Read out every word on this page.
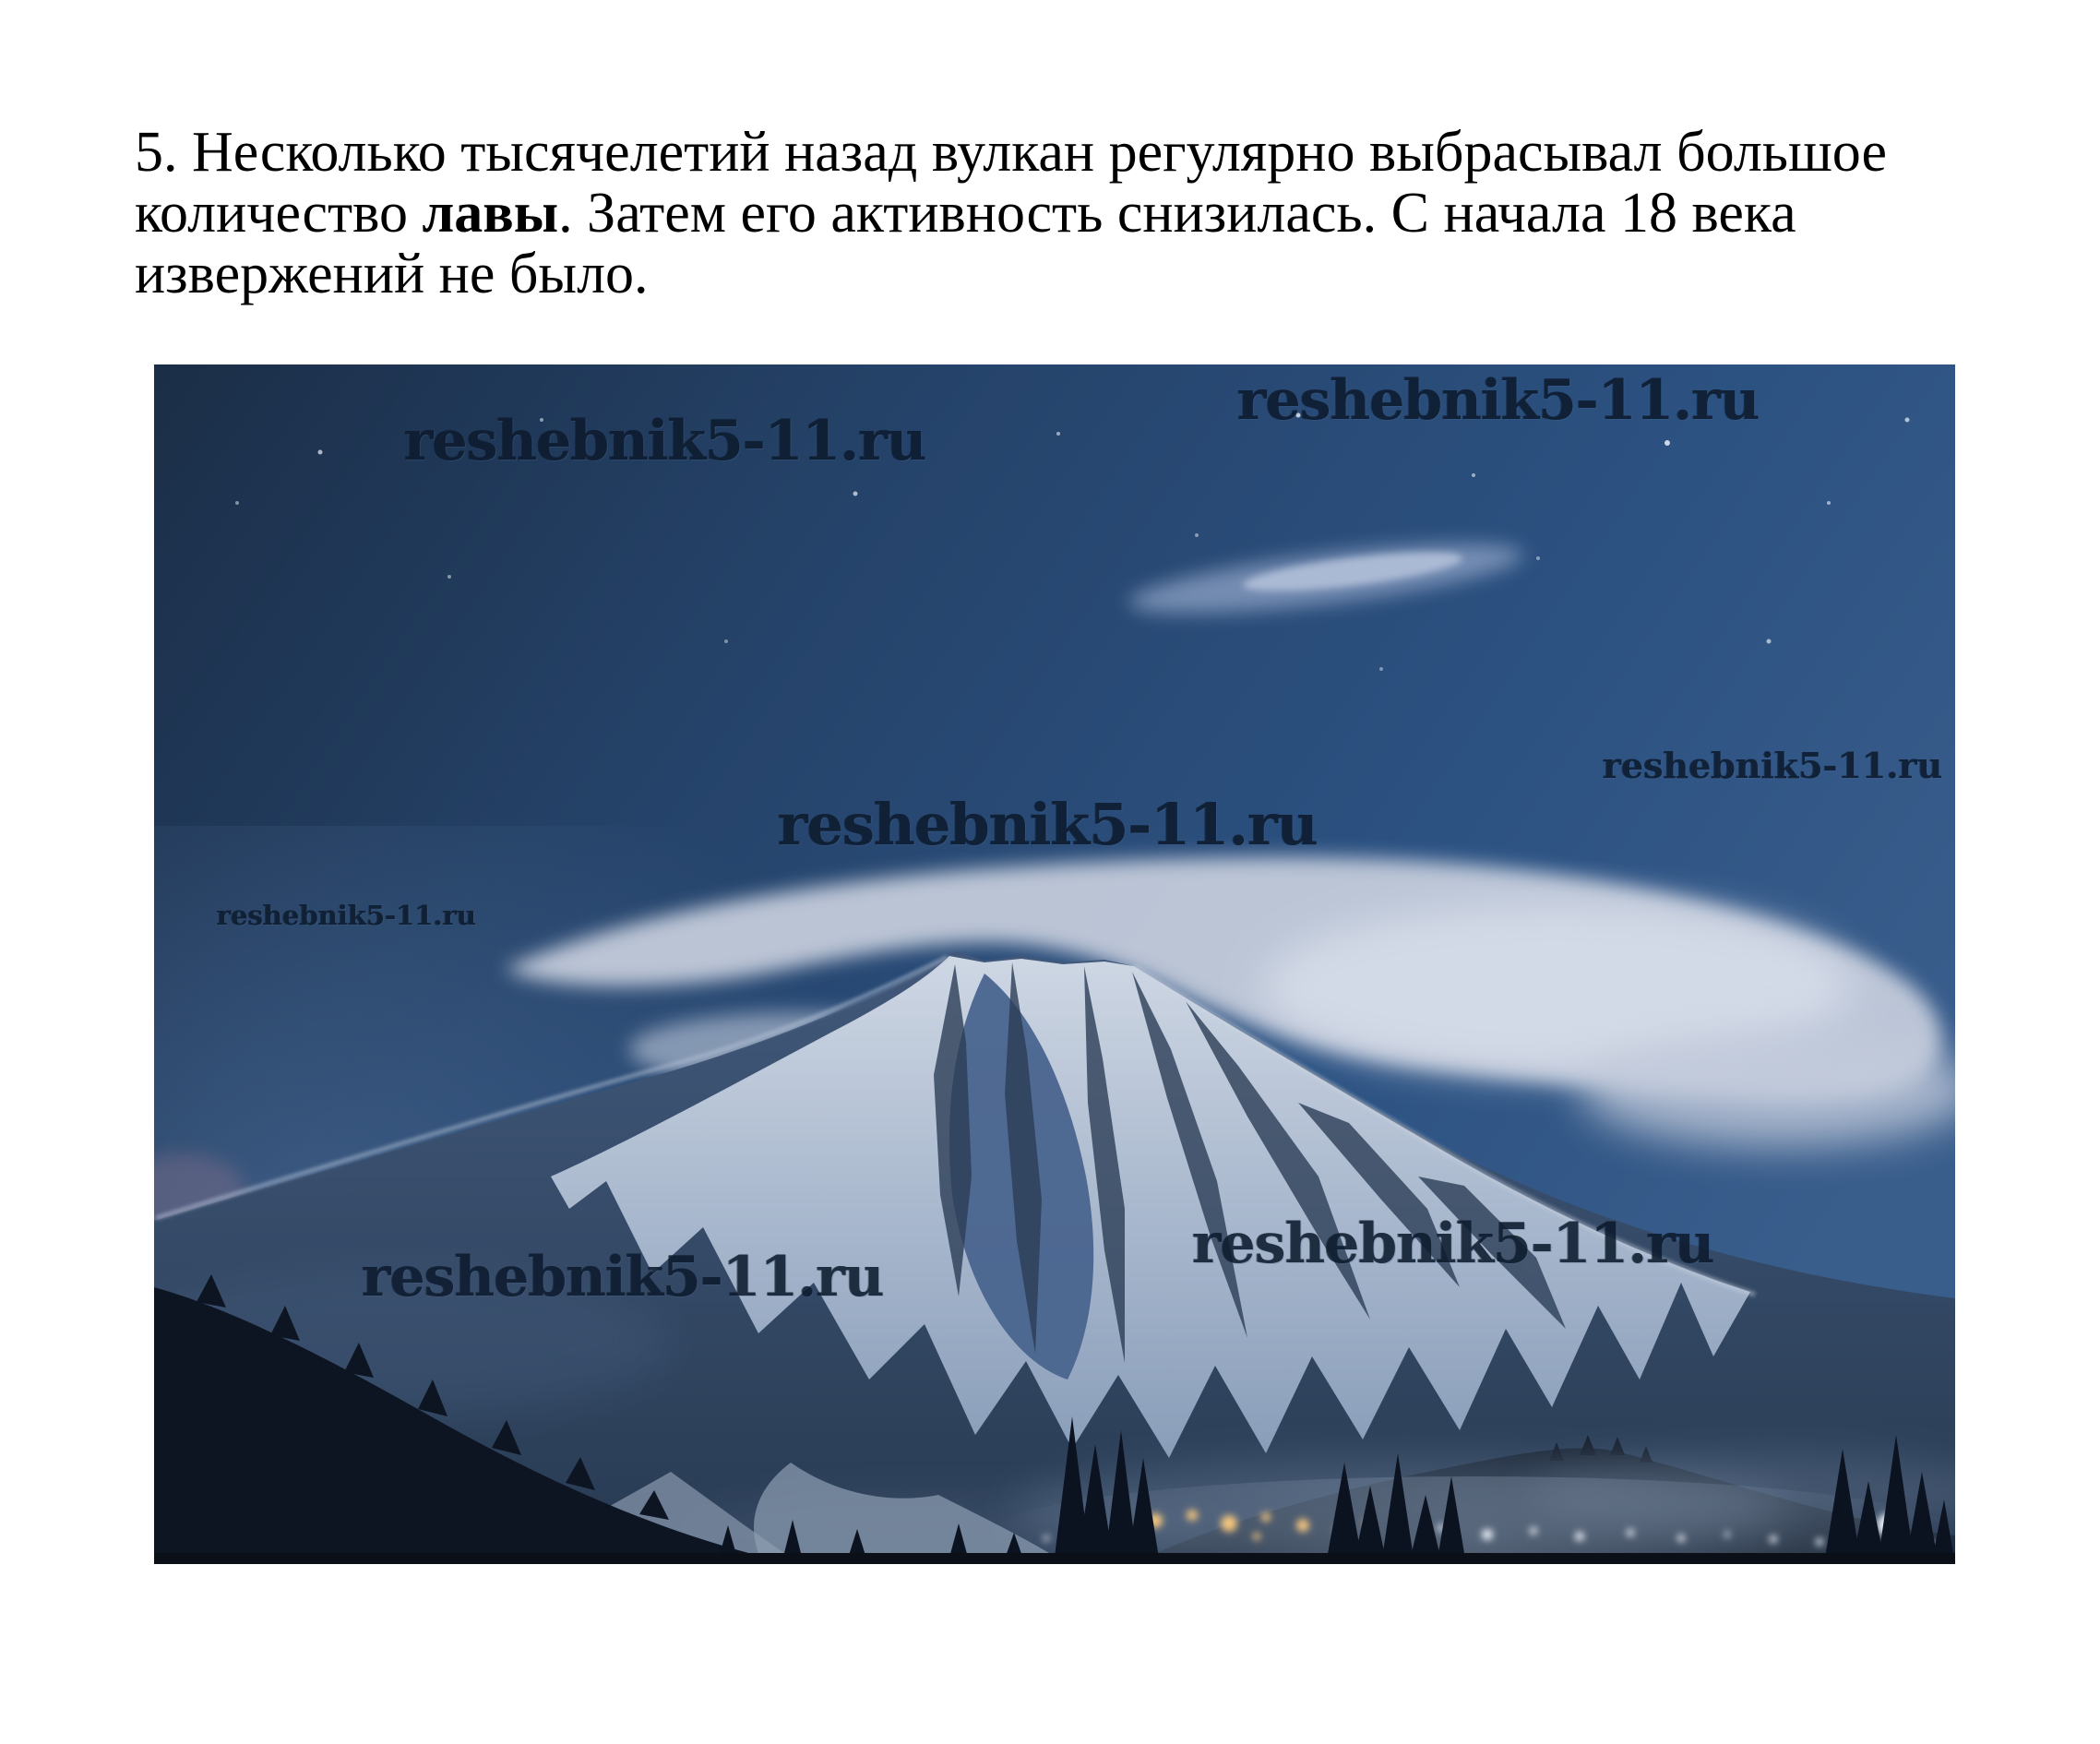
5. Несколько тысячелетий назад вулкан регулярно выбрасывал большое
количество лавы. Затем его активность снизилась. С начала 18 века
извержений не было.
reshebnik5-11.ru
reshebnik5-11.ru
reshebnik5-11.ru
reshebnik5-11.ru
reshebnik5-11.ru
reshebnik5-11.ru
reshebnik5-11.ru
